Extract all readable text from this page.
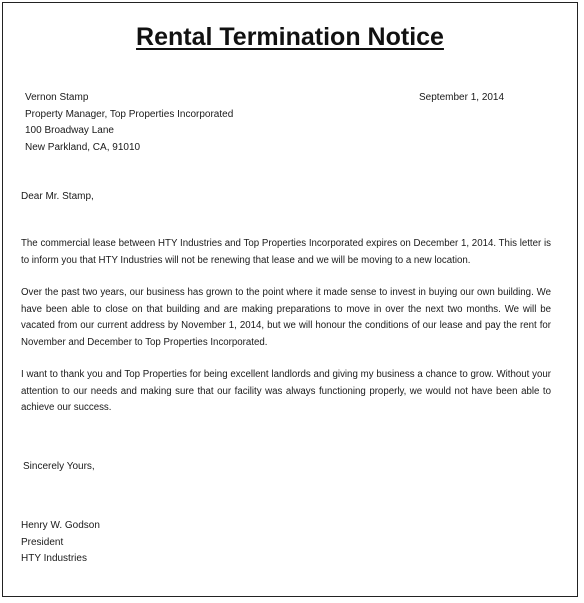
Rental Termination Notice
Vernon Stamp
Property Manager, Top Properties Incorporated
100 Broadway Lane
New Parkland, CA, 91010
September 1, 2014
Dear Mr. Stamp,
The commercial lease between HTY Industries and Top Properties Incorporated expires on December 1, 2014. This letter is to inform you that HTY Industries will not be renewing that lease and we will be moving to a new location.
Over the past two years, our business has grown to the point where it made sense to invest in buying our own building. We have been able to close on that building and are making preparations to move in over the next two months. We will be vacated from our current address by November 1, 2014, but we will honour the conditions of our lease and pay the rent for November and December to Top Properties Incorporated.
I want to thank you and Top Properties for being excellent landlords and giving my business a chance to grow. Without your attention to our needs and making sure that our facility was always functioning properly, we would not have been able to achieve our success.
Sincerely Yours,
Henry W. Godson
President
HTY Industries
